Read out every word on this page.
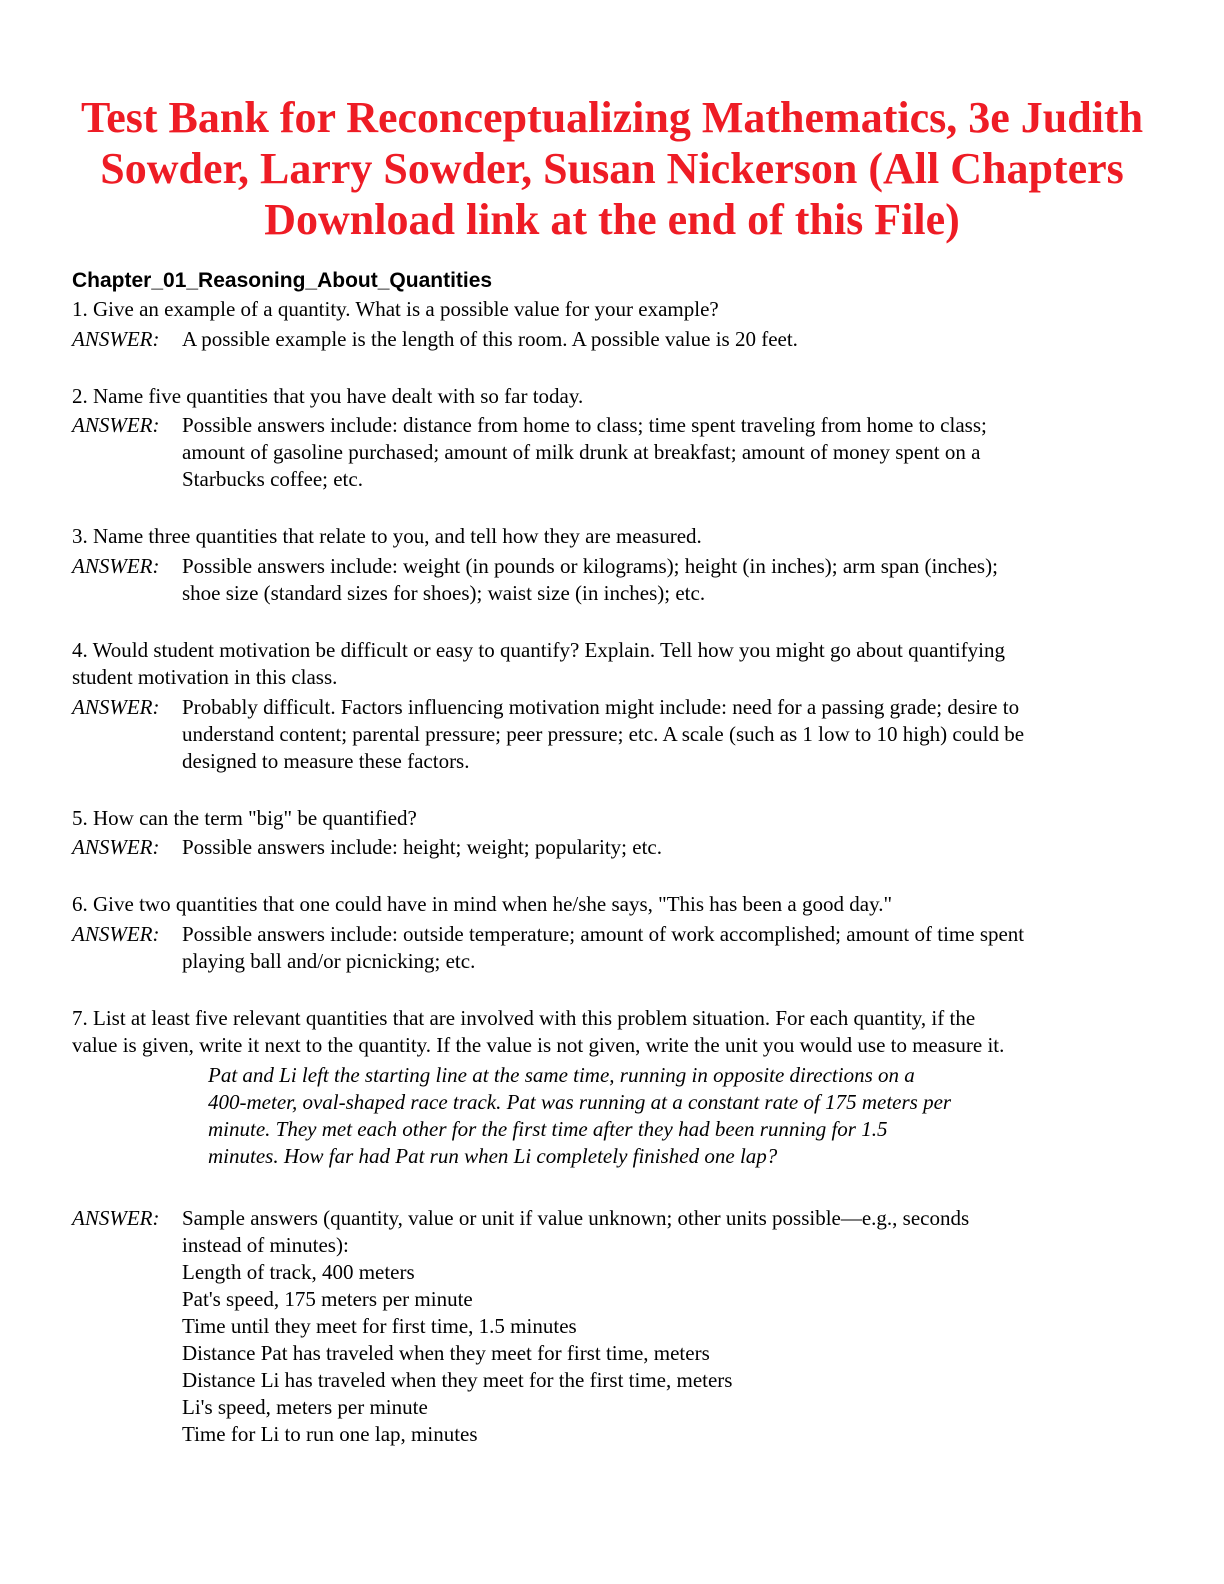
Test Bank for Reconceptualizing Mathematics, 3e Judith
Sowder, Larry Sowder, Susan Nickerson (All Chapters
Download link at the end of this File)
Chapter_01_Reasoning_About_Quantities

1. Give an example of a quantity. What is a possible value for your example?

ANSWER: A possible example is the length of this room. A possible value is 20 feet.

2. Name five quantities that you have dealt with so far today.

ANSWER: Possible answers include: distance from home to class; time spent traveling from home to class;
amount of gasoline purchased; amount of milk drunk at breakfast; amount of money spent on a
Starbucks coffee; etc.

3. Name three quantities that relate to you, and tell how they are measured.

ANSWER: Possible answers include: weight (in pounds or kilograms); height (in inches); arm span (inches);
shoe size (standard sizes for shoes); waist size (in inches); etc.

4. Would student motivation be difficult or easy to quantify? Explain. Tell how you might go about quantifying
student motivation in this class.

ANSWER: Probably difficult. Factors influencing motivation might include: need for a passing grade; desire to
understand content; parental pressure; peer pressure; etc. A scale (such as 1 low to 10 high) could be
designed to measure these factors.

5. How can the term "big" be quantified?

ANSWER: Possible answers include: height; weight; popularity; etc.

6. Give two quantities that one could have in mind when he/she says, "This has been a good day."

ANSWER: Possible answers include: outside temperature; amount of work accomplished; amount of time spent
playing ball and/or picnicking; etc.

7. List at least five relevant quantities that are involved with this problem situation. For each quantity, if the
value is given, write it next to the quantity. If the value is not given, write the unit you would use to measure it.

Pat and Li left the starting line at the same time, running in opposite directions on a
400-meter, oval-shaped race track. Pat was running at a constant rate of 175 meters per
minute. They met each other for the first time after they had been running for 1.5
minutes. How far had Pat run when Li completely finished one lap?

ANSWER: Sample answers (quantity, value or unit if value unknown; other units possible—e.g., seconds
instead of minutes):
Length of track, 400 meters
Pat's speed, 175 meters per minute
Time until they meet for first time, 1.5 minutes
Distance Pat has traveled when they meet for first time, meters
Distance Li has traveled when they meet for the first time, meters
Li's speed, meters per minute
Time for Li to run one lap, minutes
